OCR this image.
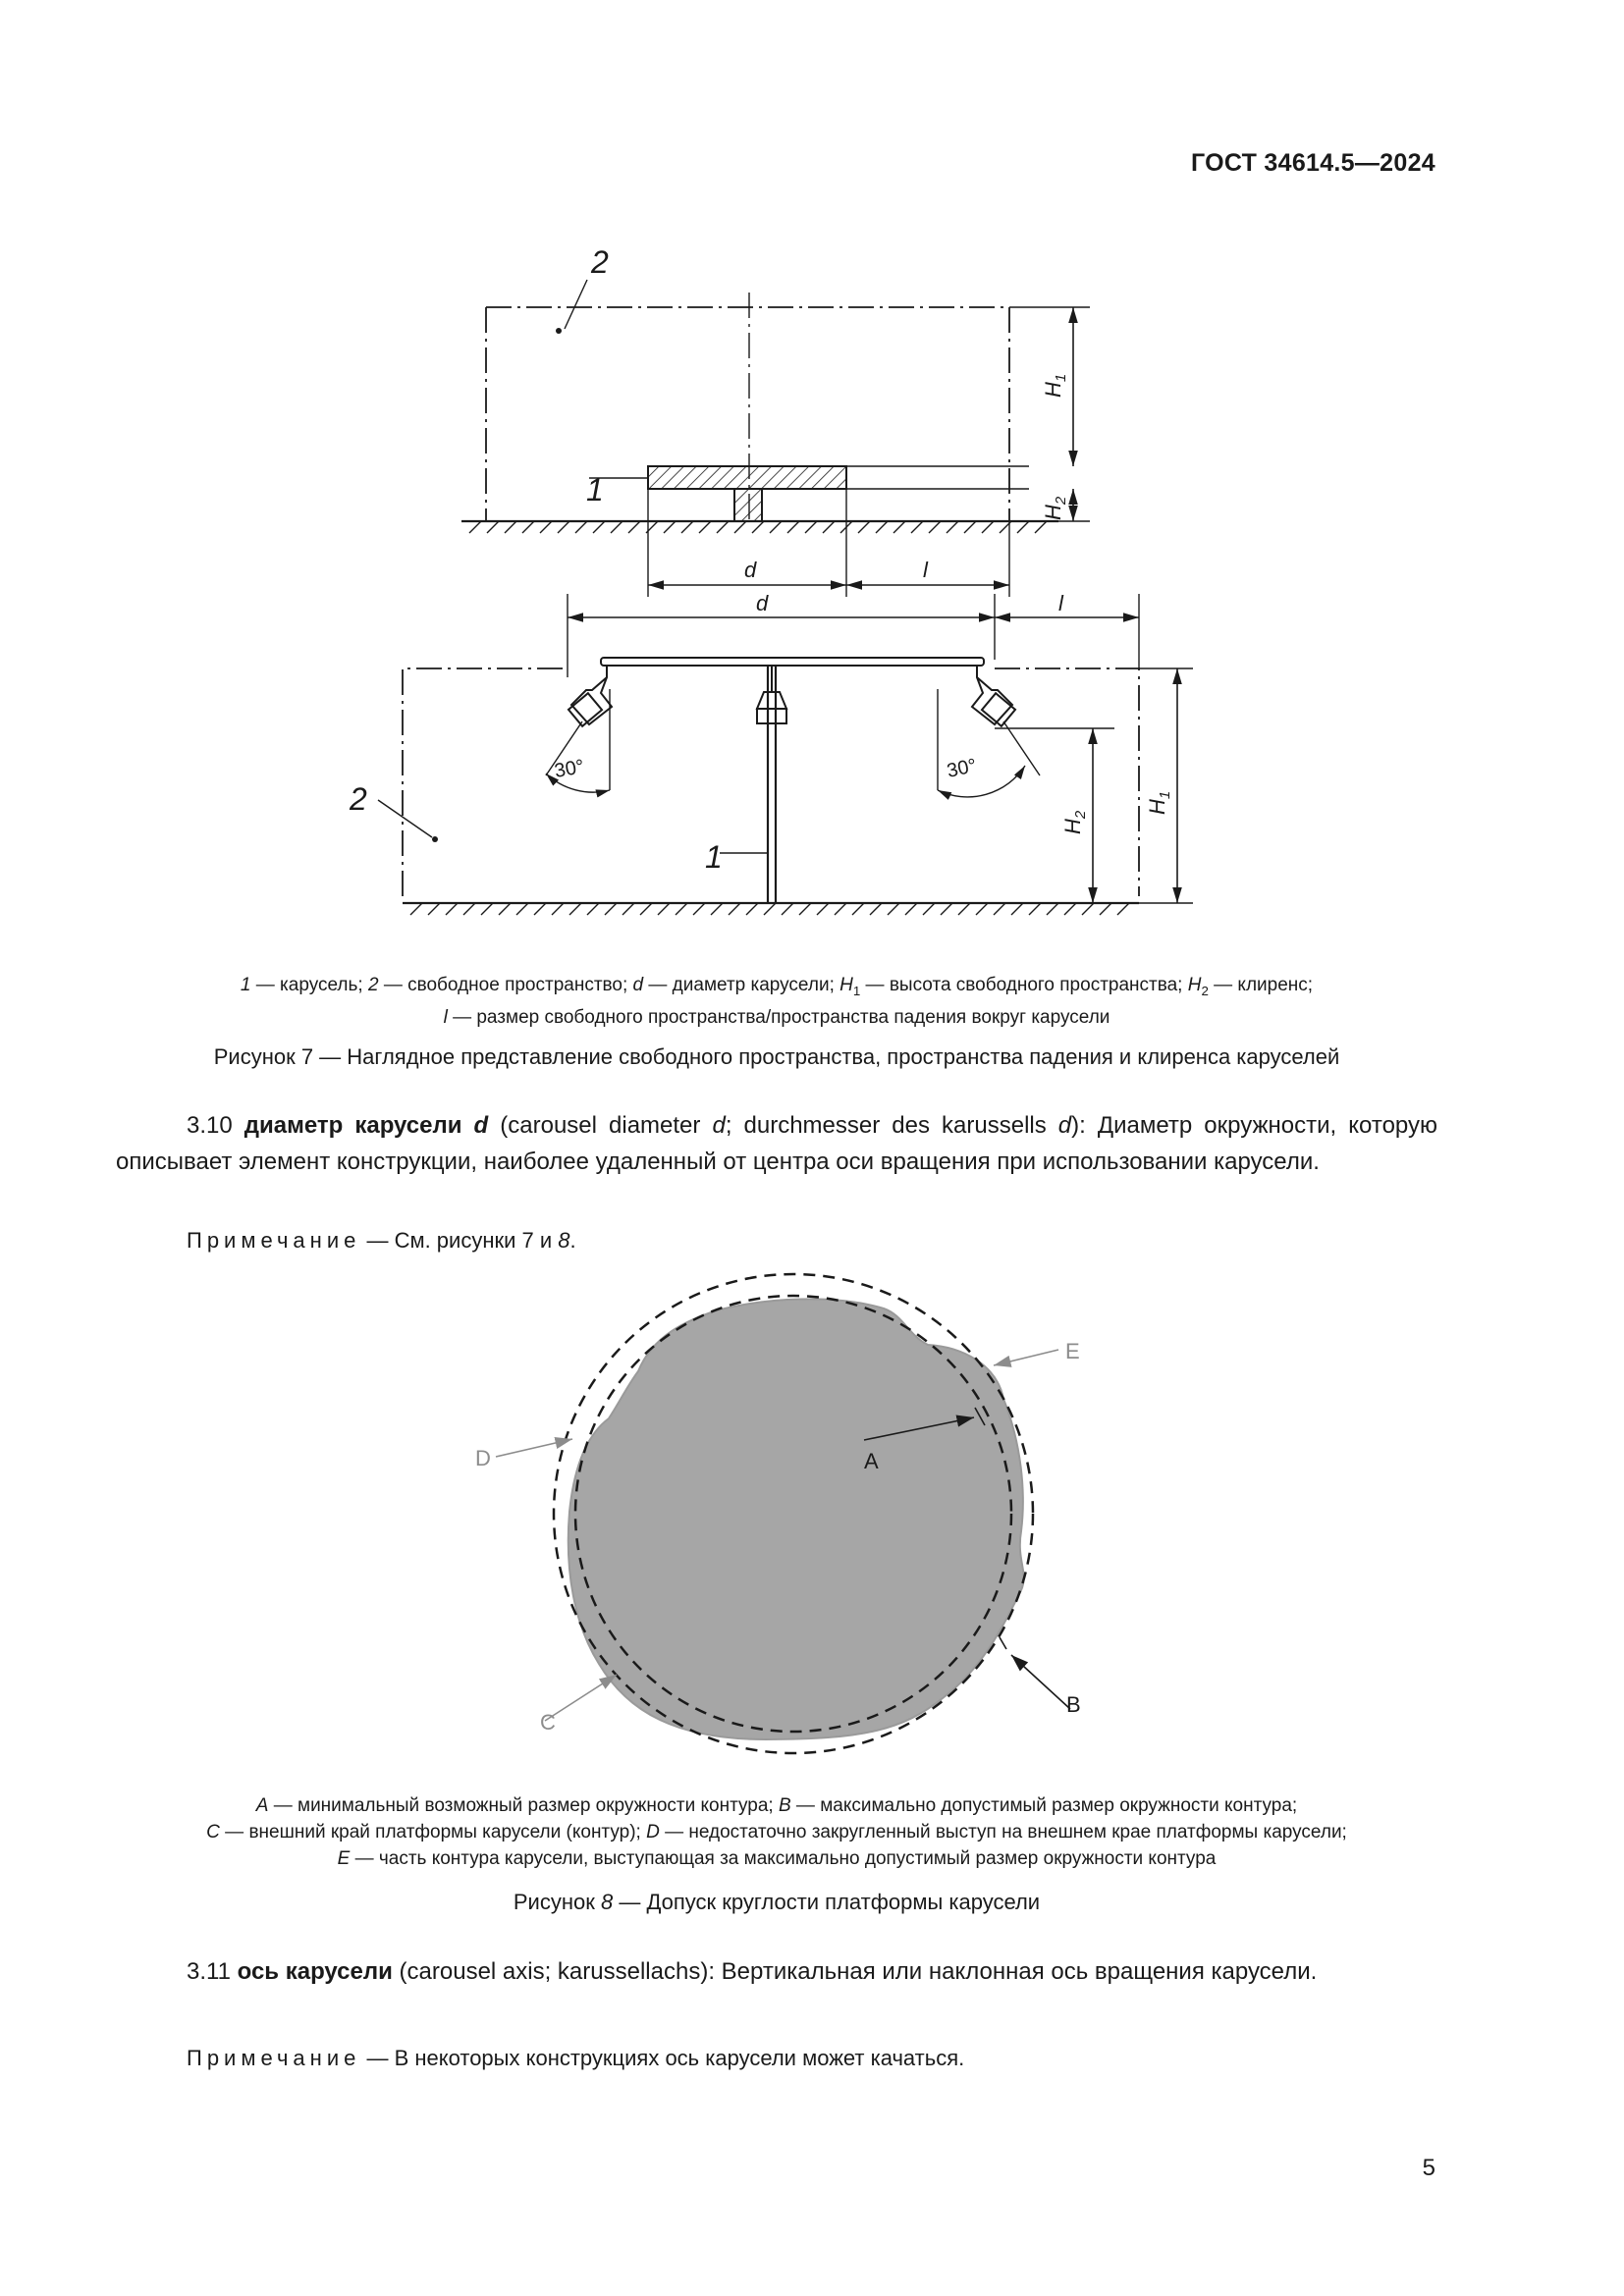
ГОСТ 34614.5—2024
2
1
d	l
$H_1$
$H_2$
d	l
2
1
$H_2$	$H_1$
30°	30°
1 — карусель; 2 — свободное пространство; d — диаметр карусели; $H_1$ — высота свободного пространства; $H_2$ — клиренс;
l — размер свободного пространства/пространства падения вокруг карусели
Рисунок 7 — Наглядное представление свободного пространства, пространства падения и клиренса каруселей
3.10 диаметр карусели d (carousel diameter d; durchmesser des karussells d): Диаметр окружности, которую описывает элемент конструкции, наиболее удаленный от центра оси вращения при использовании карусели.
Примечание — См. рисунки 7 и 8.
A
B
C
D
E
A — минимальный возможный размер окружности контура; B — максимально допустимый размер окружности контура;
C — внешний край платформы карусели (контур); D — недостаточно закругленный выступ на внешнем крае платформы карусели;
E — часть контура карусели, выступающая за максимально допустимый размер окружности контура
Рисунок 8 — Допуск круглости платформы карусели
3.11 ось карусели (carousel axis; karussellachs): Вертикальная или наклонная ось вращения карусели.
Примечание — В некоторых конструкциях ось карусели может качаться.
5
